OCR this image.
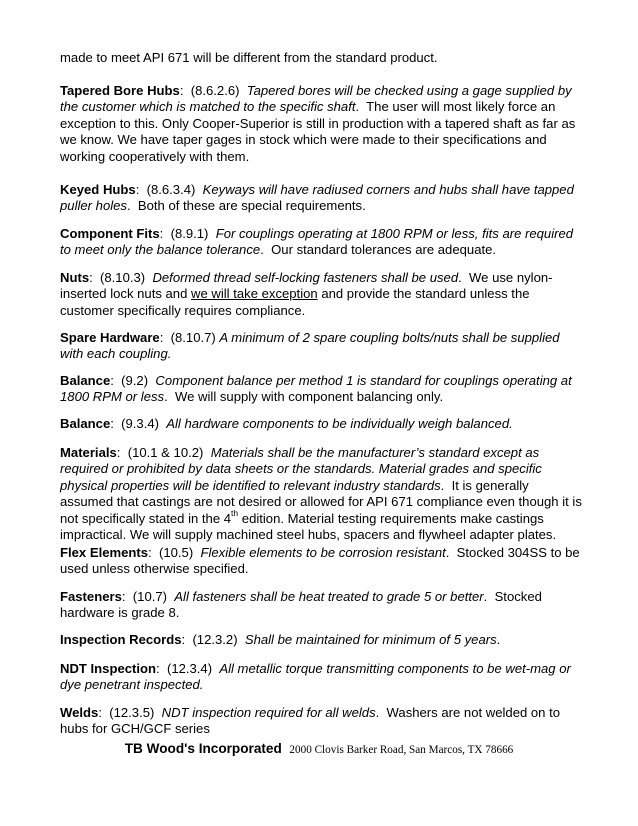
made to meet API 671 will be different from the standard product.

Tapered Bore Hubs:  (8.6.2.6) Tapered bores will be checked using a gage supplied by the customer which is matched to the specific shaft.  The user will most likely force an exception to this. Only Cooper-Superior is still in production with a tapered shaft as far as we know. We have taper gages in stock which were made to their specifications and working cooperatively with them.

Keyed Hubs:  (8.6.3.4) Keyways will have radiused corners and hubs shall have tapped puller holes.  Both of these are special requirements.

Component Fits:  (8.9.1) For couplings operating at 1800 RPM or less, fits are required to meet only the balance tolerance.  Our standard tolerances are adequate.

Nuts:  (8.10.3) Deformed thread self-locking fasteners shall be used.  We use nylon-inserted lock nuts and we will take exception and provide the standard unless the customer specifically requires compliance.

Spare Hardware:  (8.10.7) A minimum of 2 spare coupling bolts/nuts shall be supplied with each coupling.

Balance:  (9.2) Component balance per method 1 is standard for couplings operating at 1800 RPM or less.  We will supply with component balancing only.

Balance:  (9.3.4) All hardware components to be individually weigh balanced.

Materials:  (10.1 & 10.2) Materials shall be the manufacturer’s standard except as required or prohibited by data sheets or the standards. Material grades and specific physical properties will be identified to relevant industry standards.  It is generally assumed that castings are not desired or allowed for API 671 compliance even though it is not specifically stated in the 4th edition. Material testing requirements make castings impractical. We will supply machined steel hubs, spacers and flywheel adapter plates.

Flex Elements:  (10.5) Flexible elements to be corrosion resistant.  Stocked 304SS to be used unless otherwise specified.

Fasteners:  (10.7) All fasteners shall be heat treated to grade 5 or better.  Stocked hardware is grade 8.

Inspection Records:  (12.3.2) Shall be maintained for minimum of 5 years.

NDT Inspection:  (12.3.4) All metallic torque transmitting components to be wet-mag or dye penetrant inspected.

Welds:  (12.3.5) NDT inspection required for all welds.  Washers are not welded on to hubs for GCH/GCF series

TB Wood's Incorporated 2000 Clovis Barker Road, San Marcos, TX 78666
